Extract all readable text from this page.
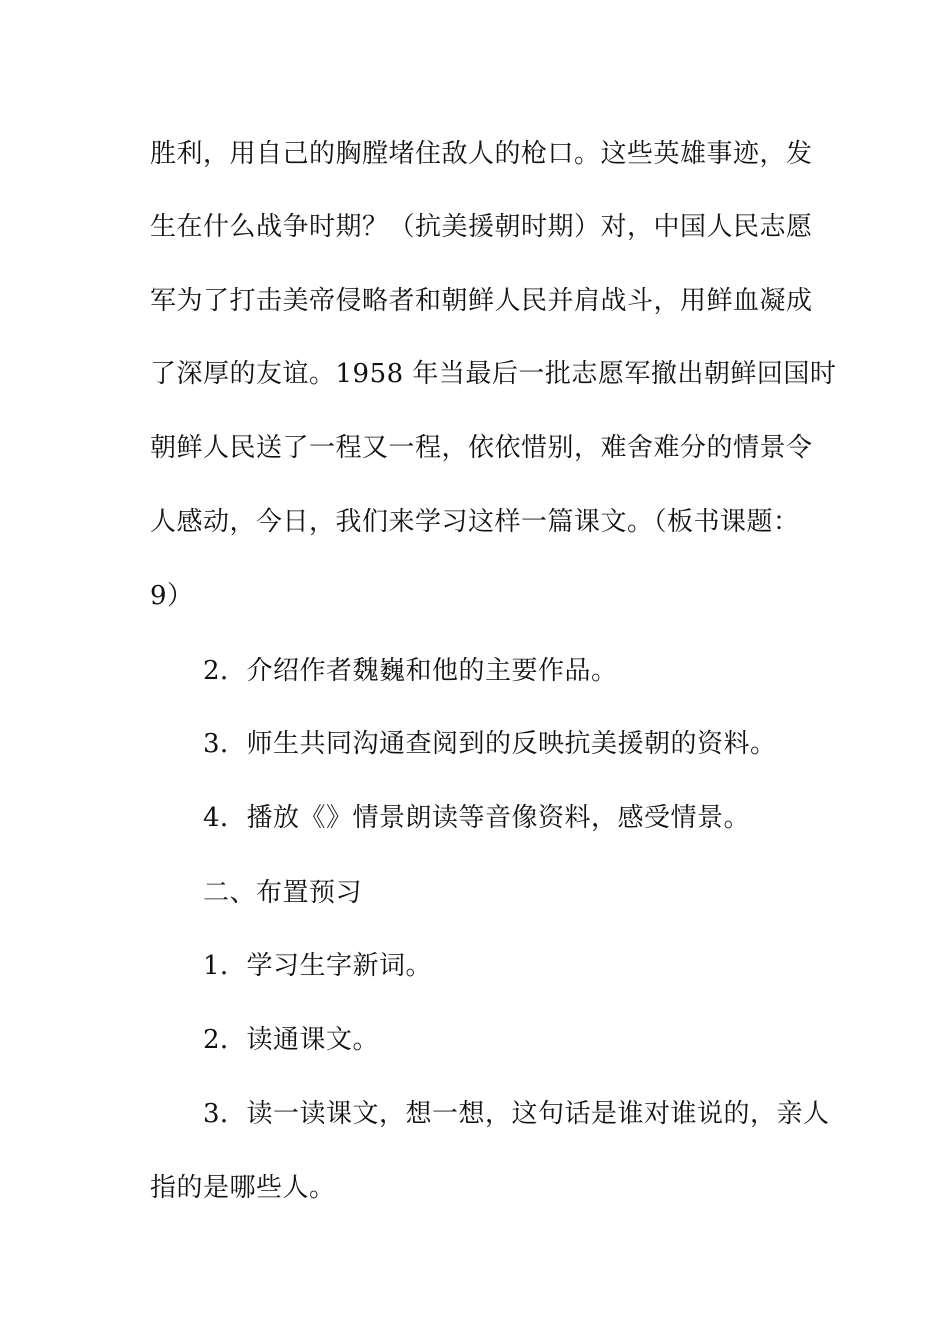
胜利，用自己的胸膛堵住敌人的枪口。这些英雄事迹，发
生在什么战争时期？（抗美援朝时期）对，中国人民志愿
军为了打击美帝侵略者和朝鲜人民并肩战斗，用鲜血凝成
了深厚的友谊。1958 年当最后一批志愿军撤出朝鲜回国时
朝鲜人民送了一程又一程，依依惜别，难舍难分的情景令
人感动，今日，我们来学习这样一篇课文。（板书课题：
9）
2．介绍作者魏巍和他的主要作品。
3．师生共同沟通查阅到的反映抗美援朝的资料。
4．播放《》情景朗读等音像资料，感受情景。
二、布置预习
1．学习生字新词。
2．读通课文。
3．读一读课文，想一想，这句话是谁对谁说的，亲人
指的是哪些人。
